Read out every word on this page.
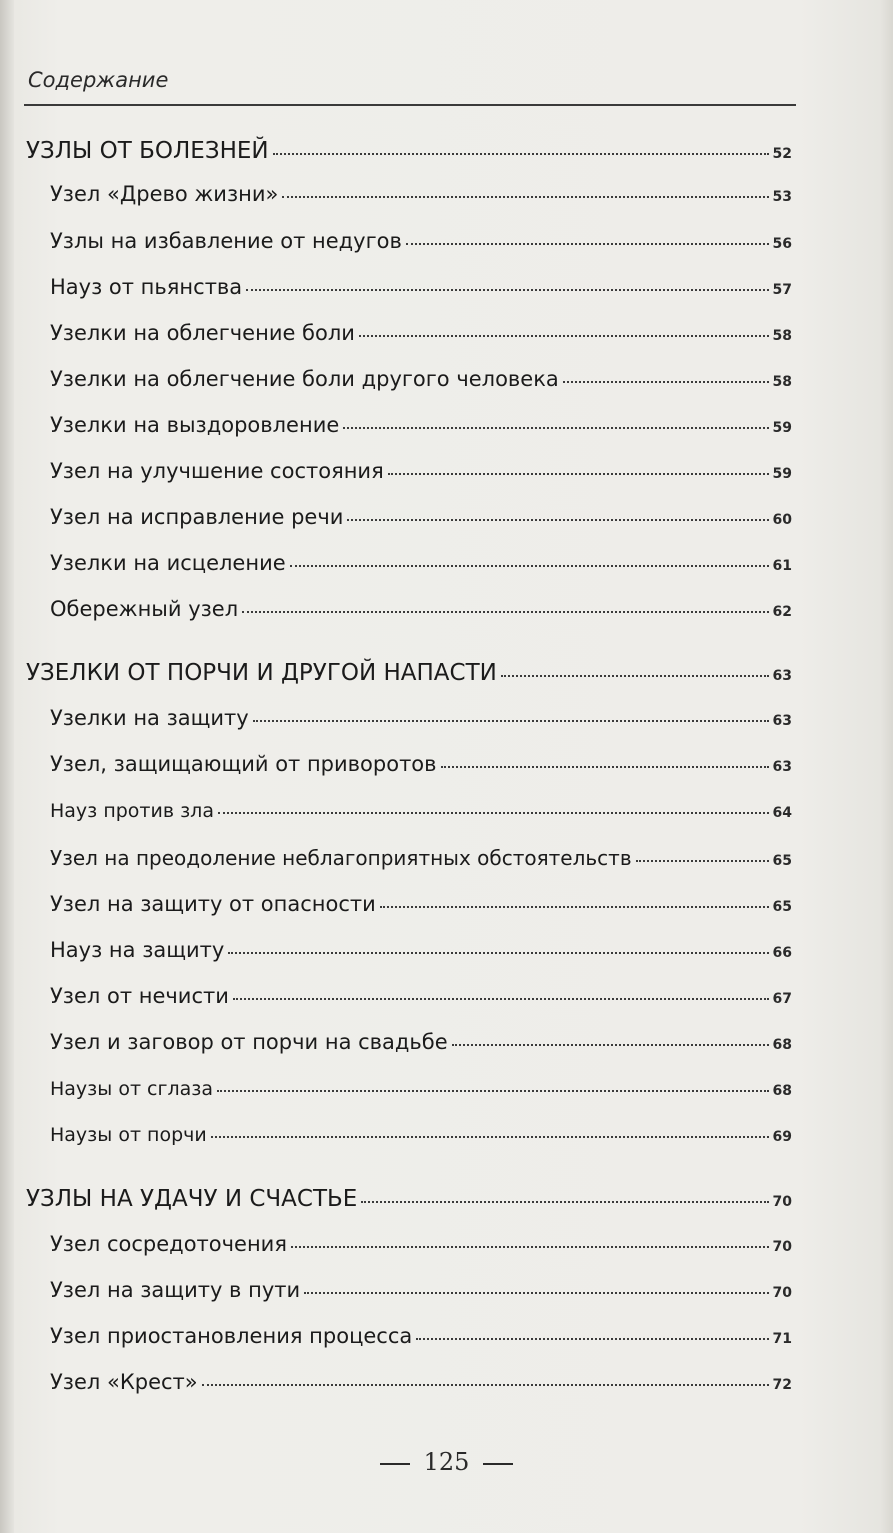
Содержание
УЗЛЫ ОТ БОЛЕЗНЕЙ	52
Узел «Древо жизни»	53
Узлы на избавление от недугов	56
Науз от пьянства	57
Узелки на облегчение боли	58
Узелки на облегчение боли другого человека	58
Узелки на выздоровление	59
Узел на улучшение состояния	59
Узел на исправление речи	60
Узелки на исцеление	61
Обережный узел	62
УЗЕЛКИ ОТ ПОРЧИ И ДРУГОЙ НАПАСТИ	63
Узелки на защиту	63
Узел, защищающий от приворотов	63
Науз против зла	64
Узел на преодоление неблагоприятных обстоятельств	65
Узел на защиту от опасности	65
Науз на защиту	66
Узел от нечисти	67
Узел и заговор от порчи на свадьбе	68
Наузы от сглаза	68
Наузы от порчи	69
УЗЛЫ НА УДАЧУ И СЧАСТЬЕ	70
Узел сосредоточения	70
Узел на защиту в пути	70
Узел приостановления процесса	71
Узел «Крест»	72
125
